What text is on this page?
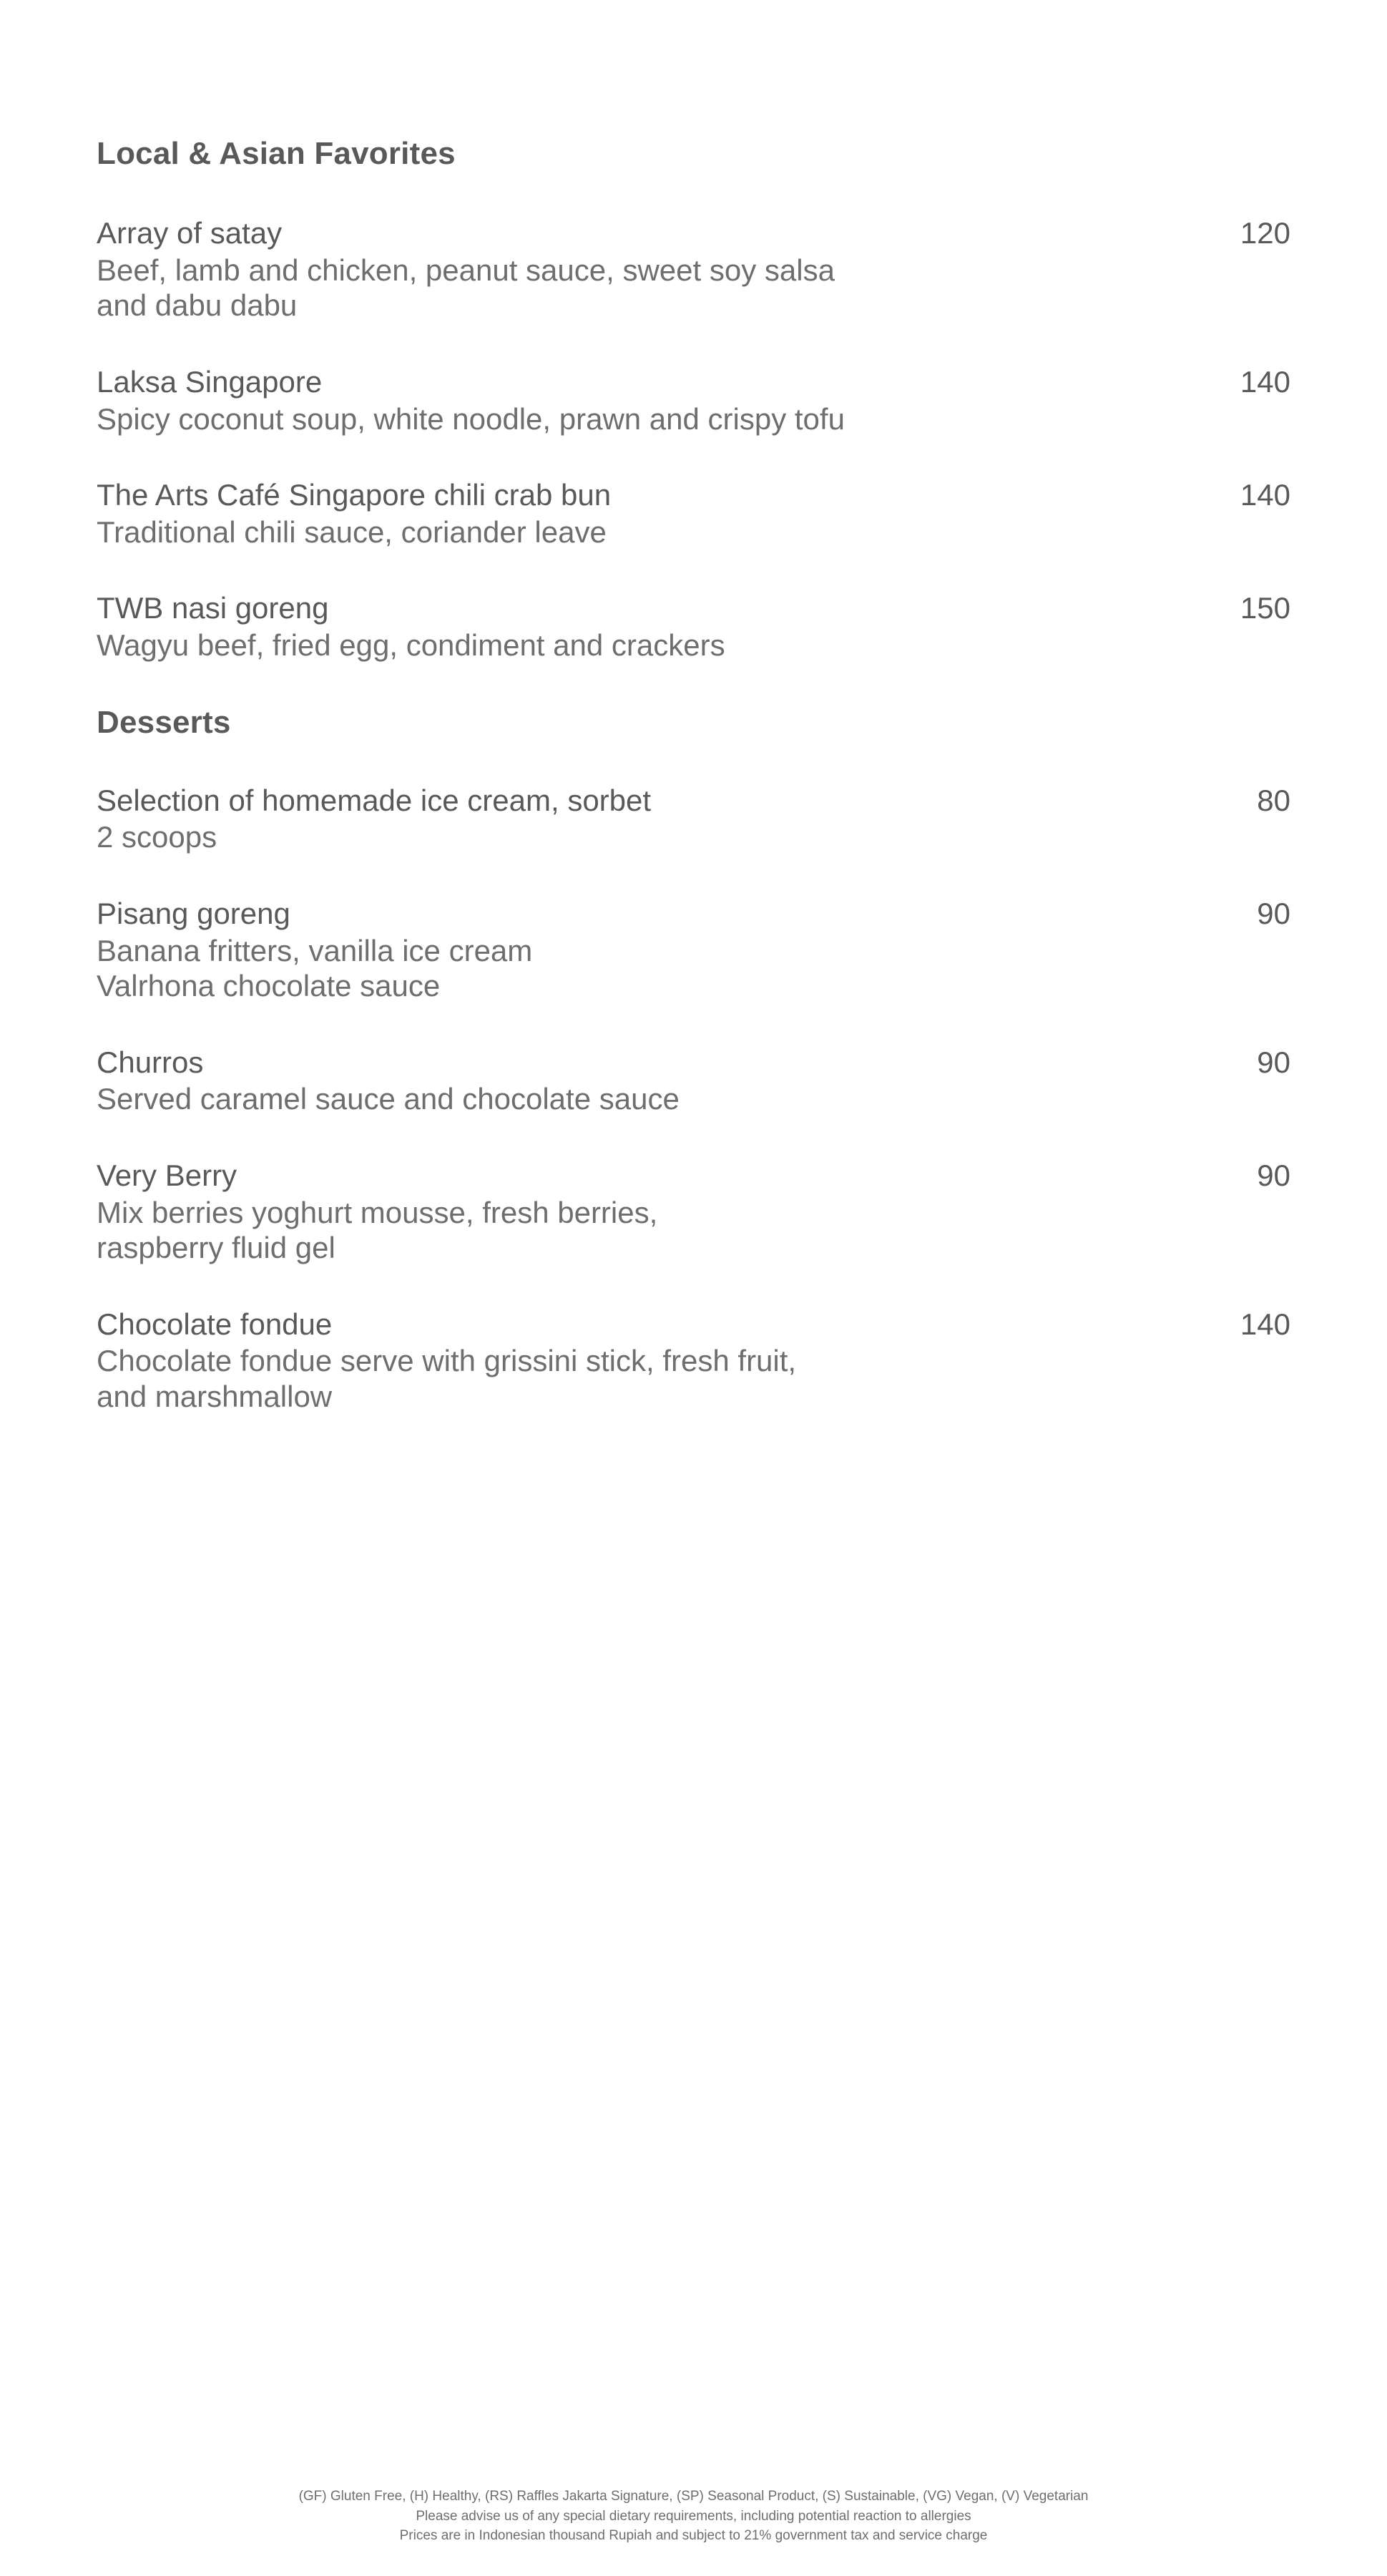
Local & Asian Favorites
Array of satay	120
Beef, lamb and chicken, peanut sauce, sweet soy salsa
and dabu dabu
Laksa Singapore	140
Spicy coconut soup, white noodle, prawn and crispy tofu
The Arts Café Singapore chili crab bun	140
Traditional chili sauce, coriander leave
TWB nasi goreng	150
Wagyu beef, fried egg, condiment and crackers
Desserts
Selection of homemade ice cream, sorbet	80
2 scoops
Pisang goreng	90
Banana fritters, vanilla ice cream
Valrhona chocolate sauce
Churros	90
Served caramel sauce and chocolate sauce
Very Berry	90
Mix berries yoghurt mousse, fresh berries,
raspberry fluid gel
Chocolate fondue	140
Chocolate fondue serve with grissini stick, fresh fruit,
and marshmallow
(GF) Gluten Free, (H) Healthy, (RS) Raffles Jakarta Signature, (SP) Seasonal Product, (S) Sustainable, (VG) Vegan, (V) Vegetarian
Please advise us of any special dietary requirements, including potential reaction to allergies
Prices are in Indonesian thousand Rupiah and subject to 21% government tax and service charge
